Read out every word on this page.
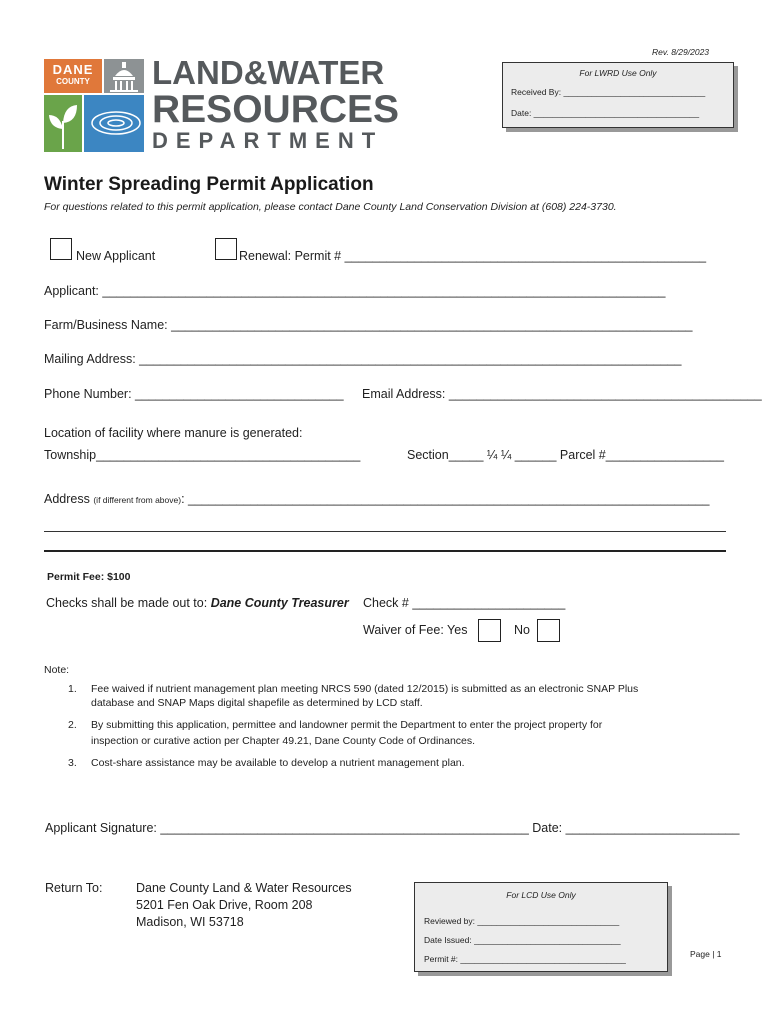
Rev. 8/29/2023
DANE
COUNTY	LAND&WATER
RESOURCES
DEPARTMENT
For LWRD Use Only
Received By: ______________________________
Date: ___________________________________
Winter Spreading Permit Application
For questions related to this permit application, please contact Dane County Land Conservation Division at (608) 224-3730.
New Applicant	Renewal: Permit # ____________________________________________________
Applicant: _________________________________________________________________________________
Farm/Business Name: ___________________________________________________________________________
Mailing Address: ______________________________________________________________________________
Phone Number: ______________________________ Email Address: _____________________________________________
Location of facility where manure is generated:
Township______________________________________	Section_____ ¼ ¼ ______ Parcel #_________________
Address (if different from above): ___________________________________________________________________________
Permit Fee: $100
Checks shall be made out to: Dane County Treasurer Check # ______________________
Waiver of Fee: Yes	No
Note:
1. Fee waived if nutrient management plan meeting NRCS 590 (dated 12/2015) is submitted as an electronic SNAP Plus
database and SNAP Maps digital shapefile as determined by LCD staff.
2. By submitting this application, permittee and landowner permit the Department to enter the project property for
inspection or curative action per Chapter 49.21, Dane County Code of Ordinances.
3. Cost-share assistance may be available to develop a nutrient management plan.
Applicant Signature: _____________________________________________________ Date: _________________________
Return To:	Dane County Land & Water Resources
5201 Fen Oak Drive, Room 208
Madison, WI 53718
For LCD Use Only
Reviewed by: ______________________________
Date Issued: _______________________________
Permit #: ___________________________________	Page | 1
